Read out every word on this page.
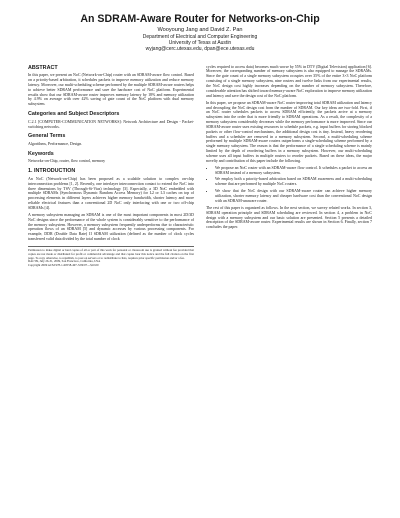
An SDRAM-Aware Router for Networks-on-Chip
Wooyoung Jang and David Z. Pan
Department of Electrical and Computer Engineering
University of Texas at Austin
wyjang@cerc.utexas.edu, dpan@ece.utexas.edu
ABSTRACT

In this paper, we present an NoC (Network-on-Chip) router with an SDRAM-aware flow control. Based on a priority-based arbitration, it schedules packets to improve memory utilization and reduce memory latency. Moreover, our multi-scheduling scheme performed by the multiple SDRAM-aware routers helps to achieve better SDRAM performance and save the hardware cost of NoC platform. Experimental results show that our SDRAM-aware router improves memory latency by 18% and memory utilization by 4.9% on average with over 42% saving of gate count of the NoC platform with dual memory subsystem.

Categories and Subject Descriptors

C.2.1 [COMPUTER-COMMUNICATION NETWORKS]: Network Architecture and Design - Packet-switching networks.

General Terms

Algorithms, Performance, Design.

Keywords

Networks-on-Chip, router, flow control, memory

1. INTRODUCTION

An NoC (Network-on-Chip) has been proposed as a scalable solution to complex on-chip interconnection problems [1, 2]. Recently, one interlayer interconnection contact to extend the NoC into three dimensions by TSV (Through-Si-Vias) technology [3]. Especially, a 3D NoC embedded with multiple SDRAMs (Synchronous Dynamic Random Access Memory) for L2 or L3 caches on top of processing elements in different layers achieves higher memory bandwidth, shorter latency and more reliable electrical features than a conventional 2D NoC only interfacing with one or two off-chip SDRAMs [4].

A memory subsystem managing an SDRAM is one of the most important components in most 2D/3D NoC designs since the performance of the whole system is considerably sensitive to the performance of the memory subsystem. However, a memory subsystem frequently underperforms due to characteristic operation flows of an SDRAM [5] and dynamic accesses by various processing components. For example, DDR (Double Data Rate) II SDRAM utilization (defined as the number of clock cycles transferred valid data divided by the total number of clock

Permission to make digital or hard copies of all or part of this work for personal or classroom use is granted without fee provided that copies are not made or distributed for profit or commercial advantage and that copies bear this notice and the full citation on the first page. To copy otherwise, to republish, to post on servers or to redistribute to lists, requires prior specific permission and/or a fee.

DAC'09, July 26-31, 2009, San Francisco, California, USA

Copyright 2009 ACM 978-1-60558-497-3/09/07....$10.00

cycles required to access data) becomes much worse by 55% in DTV (Digital Television) application [6]. Moreover, the corresponding number of memory subsystem is also equipped to manage the SDRAMs. Since the gate count of a single memory subsystem occupies over 35% of the entire 3×3 NoC platform consisting of a single memory subsystem, nine routers and twelve links from our experimental results, the NoC design cost highly increases depending on the number of memory subsystem. Therefore, considerable attention has shifted toward memory-aware NoC exploration to improve memory utilization and latency and save the design cost of the NoC platform.

In this paper, we propose an SDRAM-aware NoC router improving total SDRAM utilization and latency and decoupling the NoC design cost from the number of SDRAM. Our key ideas are two-fold. First, if an NoC router schedules packets to access SDRAM efficiently, the packets arrive at a memory subsystem into the order that is more friendly to SDRAM operations. As a result, the complexity of a memory subsystem considerably decreases while the memory performance is more improved. Since our SDRAM-aware router uses existing resources to schedule packets, e.g. input buffers for storing blocked packets or other flow-control mechanisms, the additional design cost is tiny. Instead, heavy reordering buffers and a scheduler are removed in a memory subsystem. Second, a multi-scheduling scheme performed by multiple SDRAM-aware routers outperforms a single-scheduling scheme performed by a single memory subsystem. The reason is that the performance of a single scheduling scheme is mainly limited by the depth of reordering buffers in a memory subsystem. However, our multi-scheduling scheme uses all input buffers in multiple routers to reorder packets. Based on these ideas, the major novelty and contribution of this paper include the following.

• We propose an NoC router with an SDRAM-aware flow control. It schedules a packet to access an SDRAM instead of a memory subsystem.
• We employ both a priority-based arbitration based on SDRAM awareness and a multi-scheduling scheme that are performed by multiple NoC routers.
• We show that the NoC design with our SDRAM-aware router can achieve higher memory utilization, shorter memory latency and cheaper hardware cost than the conventional NoC design with an SDRAM-unaware router.

The rest of this paper is organized as follows. In the next section, we survey related works. In section 3, SDRAM operation principle and SDRAM scheduling are reviewed. In section 4, a problem in NoC design with a memory subsystem and our basic solution are presented. Section 5 presents a detailed description of the SDRAM-aware router. Experimental results are shown in Section 6. Finally, section 7 concludes the paper.
